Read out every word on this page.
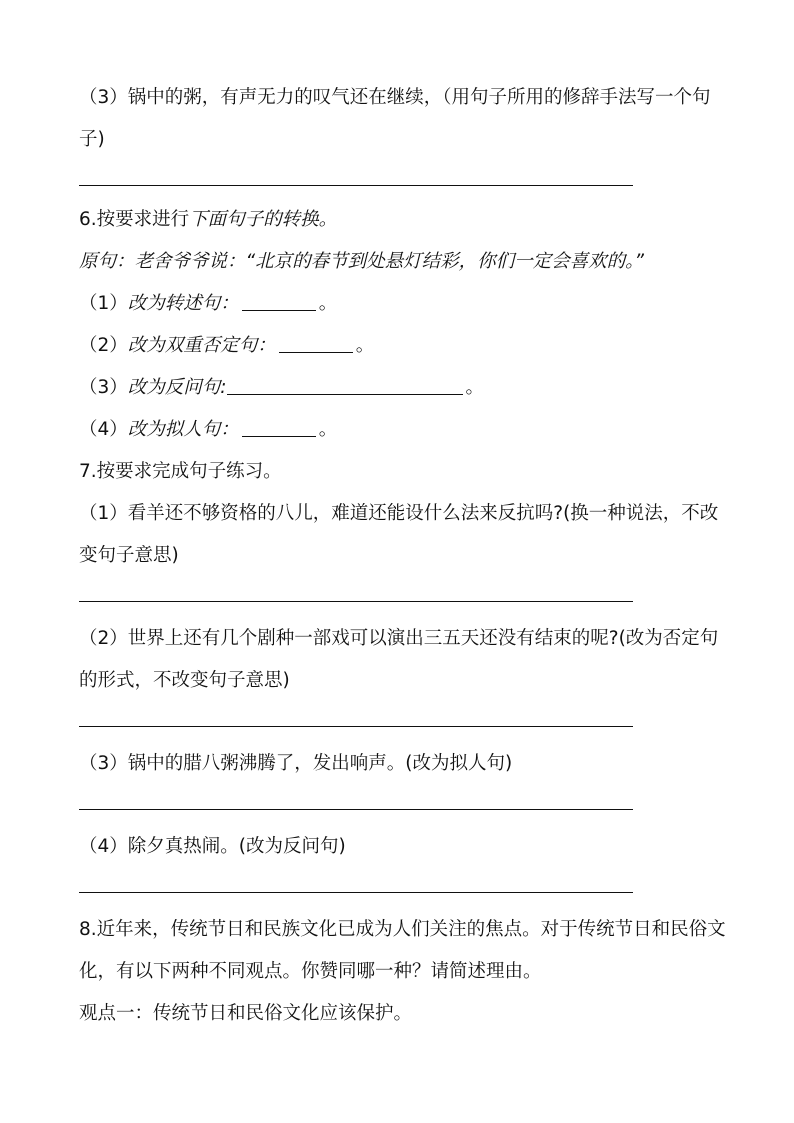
（3）锅中的粥，有声无力的叹气还在继续，（用句子所用的修辞手法写一个句
子)
6.按要求进行下面句子的转换。
原句：老舍爷爷说：“北京的春节到处悬灯结彩，你们一定会喜欢的。”
（1）改为转述句：	。
（2）改为双重否定句：	。
（3）改为反问句:	。
（4）改为拟人句：	。
7.按要求完成句子练习。
（1）看羊还不够资格的八儿，难道还能设什么法来反抗吗?(换一种说法，不改
变句子意思)
（2）世界上还有几个剧种一部戏可以演出三五天还没有结束的呢?(改为否定句
的形式，不改变句子意思)
（3）锅中的腊八粥沸腾了，发出响声。(改为拟人句)
（4）除夕真热闹。(改为反问句)
8.近年来，传统节日和民族文化已成为人们关注的焦点。对于传统节日和民俗文
化，有以下两种不同观点。你赞同哪一种？请简述理由。
观点一：传统节日和民俗文化应该保护。
